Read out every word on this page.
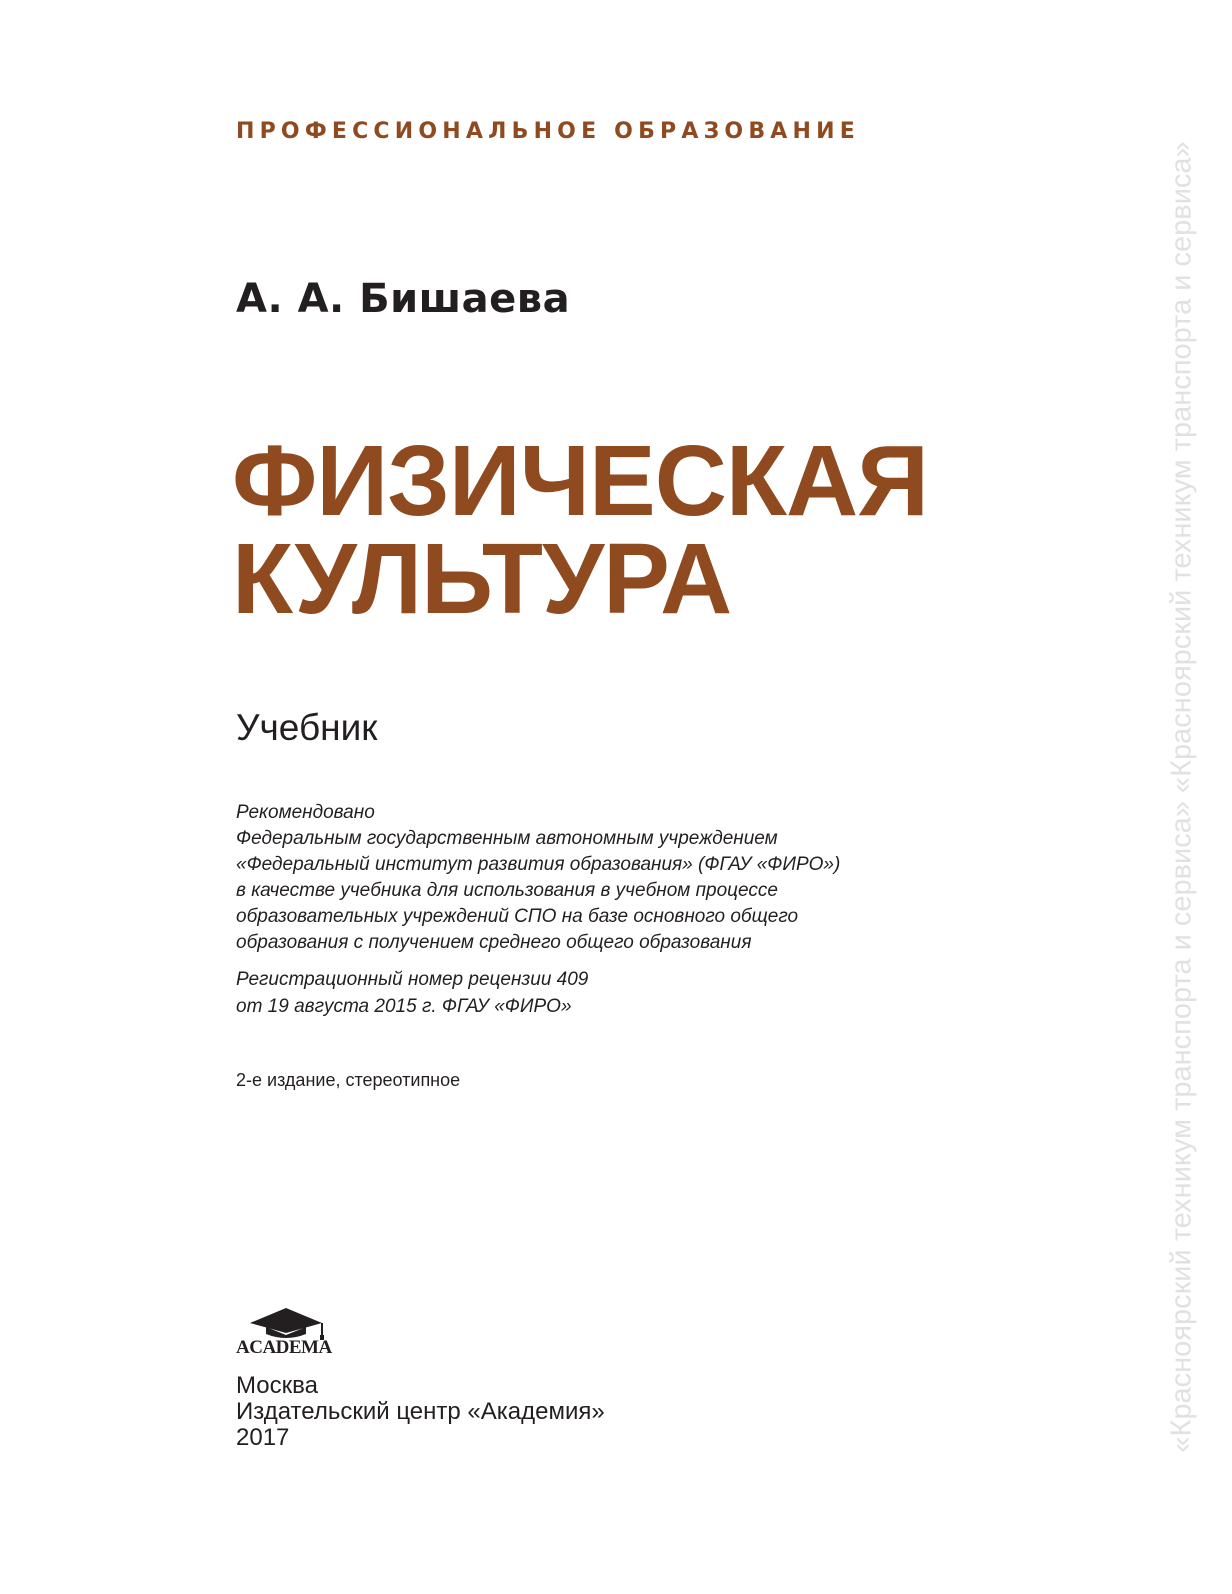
ПРОФЕССИОНАЛЬНОЕ ОБРАЗОВАНИЕ
А. А. Бишаева
ФИЗИЧЕСКАЯ
КУЛЬТУРА
Учебник
Рекомендовано
Федеральным государственным автономным учреждением
«Федеральный институт развития образования» (ФГАУ «ФИРО»)
в качестве учебника для использования в учебном процессе
образовательных учреждений СПО на базе основного общего
образования с получением среднего общего образования
Регистрационный номер рецензии 409
от 19 августа 2015 г. ФГАУ «ФИРО»
2-е издание, стереотипное
ACADEMA
Москва
Издательский центр «Академия»
2017	«Красноярский техникум транспорта и сервиса» «Красноярский техникум транспорта и сервиса»
